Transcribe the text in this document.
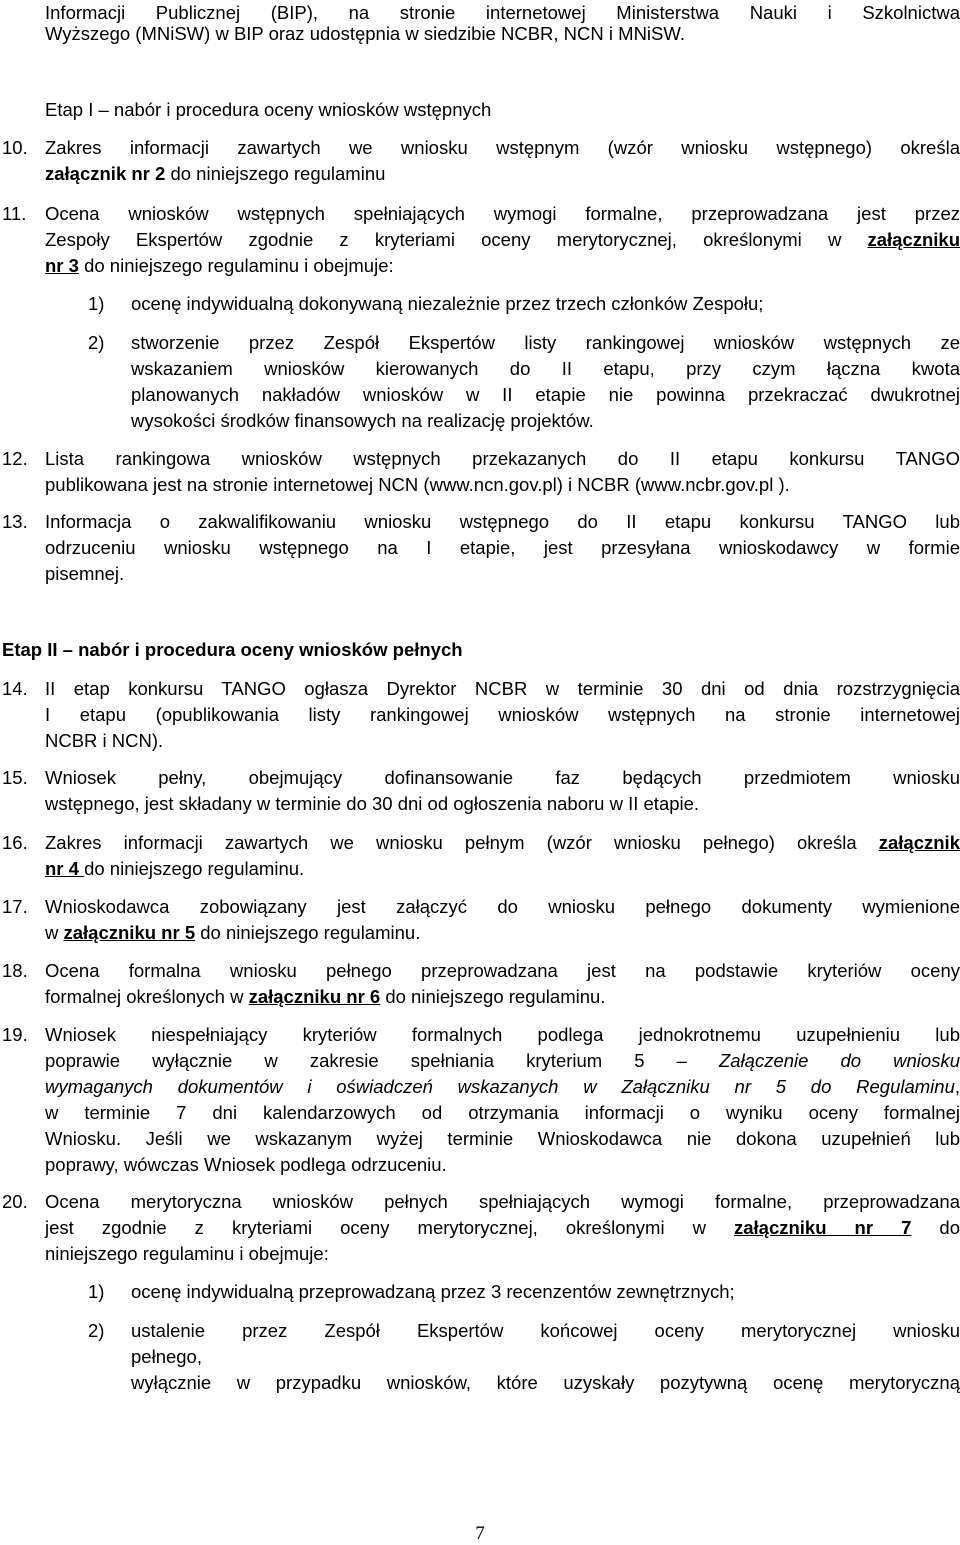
Informacji Publicznej (BIP), na stronie internetowej Ministerstwa Nauki i Szkolnictwa
Wyższego (MNiSW) w BIP oraz udostępnia w siedzibie NCBR, NCN i MNiSW.
Etap I – nabór i procedura oceny wniosków wstępnych
10. Zakres informacji zawartych we wniosku wstępnym (wzór wniosku wstępnego) określa
załącznik nr 2 do niniejszego regulaminu
11. Ocena wniosków wstępnych spełniających wymogi formalne, przeprowadzana jest przez
Zespoły Ekspertów zgodnie z kryteriami oceny merytorycznej, określonymi w załączniku
nr 3 do niniejszego regulaminu i obejmuje:
1) ocenę indywidualną dokonywaną niezależnie przez trzech członków Zespołu;
2) stworzenie przez Zespół Ekspertów listy rankingowej wniosków wstępnych ze
wskazaniem wniosków kierowanych do II etapu, przy czym łączna kwota
planowanych nakładów wniosków w II etapie nie powinna przekraczać dwukrotnej
wysokości środków finansowych na realizację projektów.
12. Lista rankingowa wniosków wstępnych przekazanych do II etapu konkursu TANGO
publikowana jest na stronie internetowej NCN (www.ncn.gov.pl) i NCBR (www.ncbr.gov.pl ).
13. Informacja o zakwalifikowaniu wniosku wstępnego do II etapu konkursu TANGO lub
odrzuceniu wniosku wstępnego na I etapie, jest przesyłana wnioskodawcy w formie
pisemnej.
Etap II – nabór i procedura oceny wniosków pełnych
14. II etap konkursu TANGO ogłasza Dyrektor NCBR w terminie 30 dni od dnia rozstrzygnięcia
I etapu (opublikowania listy rankingowej wniosków wstępnych na stronie internetowej
NCBR i NCN).
15. Wniosek pełny, obejmujący dofinansowanie faz będących przedmiotem wniosku
wstępnego, jest składany w terminie do 30 dni od ogłoszenia naboru w II etapie.
16. Zakres informacji zawartych we wniosku pełnym (wzór wniosku pełnego) określa załącznik
nr 4 do niniejszego regulaminu.
17. Wnioskodawca zobowiązany jest załączyć do wniosku pełnego dokumenty wymienione
w załączniku nr 5 do niniejszego regulaminu.
18. Ocena formalna wniosku pełnego przeprowadzana jest na podstawie kryteriów oceny
formalnej określonych w załączniku nr 6 do niniejszego regulaminu.
19. Wniosek niespełniający kryteriów formalnych podlega jednokrotnemu uzupełnieniu lub
poprawie wyłącznie w zakresie spełniania kryterium 5 – Załączenie do wniosku
wymaganych dokumentów i oświadczeń wskazanych w Załączniku nr 5 do Regulaminu,
w terminie 7 dni kalendarzowych od otrzymania informacji o wyniku oceny formalnej
Wniosku. Jeśli we wskazanym wyżej terminie Wnioskodawca nie dokona uzupełnień lub
poprawy, wówczas Wniosek podlega odrzuceniu.
20. Ocena merytoryczna wniosków pełnych spełniających wymogi formalne, przeprowadzana
jest zgodnie z kryteriami oceny merytorycznej, określonymi w załączniku nr 7 do
niniejszego regulaminu i obejmuje:
1) ocenę indywidualną przeprowadzaną przez 3 recenzentów zewnętrznych;
2) ustalenie przez Zespół Ekspertów końcowej oceny merytorycznej wniosku
pełnego,
wyłącznie w przypadku wniosków, które uzyskały pozytywną ocenę merytoryczną
7
